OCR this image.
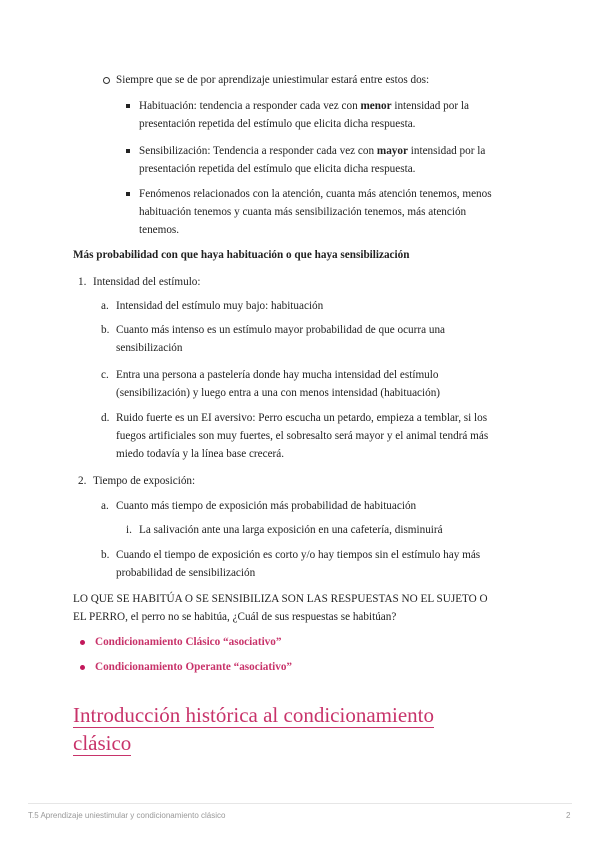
Siempre que se de por aprendizaje uniestimular estará entre estos dos:
Habituación: tendencia a responder cada vez con menor intensidad por la
presentación repetida del estímulo que elicita dicha respuesta.
Sensibilización: Tendencia a responder cada vez con mayor intensidad por la
presentación repetida del estímulo que elicita dicha respuesta.
Fenómenos relacionados con la atención, cuanta más atención tenemos, menos
habituación tenemos y cuanta más sensibilización tenemos, más atención
tenemos.
Más probabilidad con que haya habituación o que haya sensibilización
1. Intensidad del estímulo:
a. Intensidad del estímulo muy bajo: habituación
b. Cuanto más intenso es un estímulo mayor probabilidad de que ocurra una
sensibilización
c. Entra una persona a pastelería donde hay mucha intensidad del estímulo
(sensibilización) y luego entra a una con menos intensidad (habituación)
d. Ruido fuerte es un EI aversivo: Perro escucha un petardo, empieza a temblar, si los
fuegos artificiales son muy fuertes, el sobresalto será mayor y el animal tendrá más
miedo todavía y la línea base crecerá.
2. Tiempo de exposición:
a. Cuanto más tiempo de exposición más probabilidad de habituación
i. La salivación ante una larga exposición en una cafetería, disminuirá
b. Cuando el tiempo de exposición es corto y/o hay tiempos sin el estímulo hay más
probabilidad de sensibilización
LO QUE SE HABITÚA O SE SENSIBILIZA SON LAS RESPUESTAS NO EL SUJETO O
EL PERRO, el perro no se habitúa, ¿Cuál de sus respuestas se habitúan?
Condicionamiento Clásico “asociativo”
Condicionamiento Operante “asociativo”
Introducción histórica al condicionamiento
clásico
T.5 Aprendizaje uniestimular y condicionamiento clásico	2
